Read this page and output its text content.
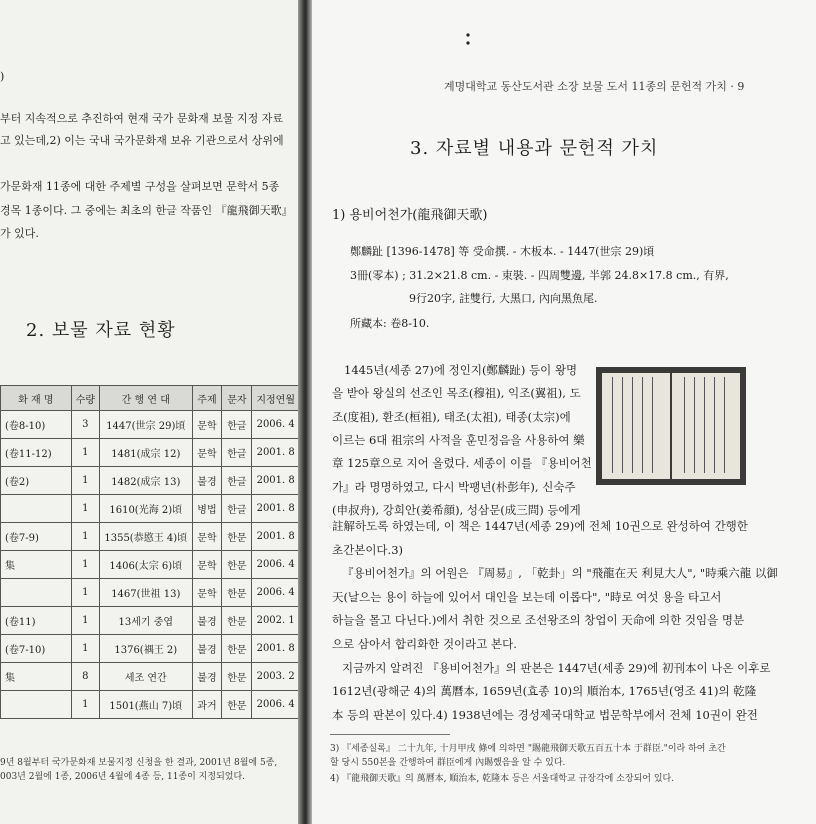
)
부터 지속적으로 추진하여 현재 국가 문화재 보물 지정 자료
고 있는데,2) 이는 국내 국가문화재 보유 기관으로서 상위에
가문화재 11종에 대한 주제별 구성을 살펴보면 문학서 5종
경목 1종이다. 그 중에는 최초의 한글 작품인 『龍飛御天歌』
가 있다.
2. 보물 자료 현황
화 재 명	수량	간 행 연 대	주제	문자	지정연월
(卷8-10)	3	1447(世宗 29)頃	문학	한글	2006. 4
(卷11-12)	1	1481(成宗 12)	문학	한글	2001. 8
(卷2)	1	1482(成宗 13)	불경	한글	2001. 8
	1	1610(光海 2)頃	병법	한글	2001. 8
(卷7-9)	1	1355(恭愍王 4)頃	문학	한문	2001. 8
集	1	1406(太宗 6)頃	문학	한문	2006. 4
	1	1467(世祖 13)	문학	한문	2006. 4
(卷11)	1	13세기 중엽	불경	한문	2002. 1
(卷7-10)	1	1376(禑王 2)	불경	한문	2001. 8
集	8	세조 연간	불경	한문	2003. 2
	1	1501(燕山 7)頃	과거	한문	2006. 4
9년 8월부터 국가문화재 보물지정 신청을 한 결과, 2001년 8월에 5종,
003년 2월에 1종, 2006년 4월에 4종 등, 11종이 지정되었다.
계명대학교 동산도서관 소장 보물 도서 11종의 문헌적 가치 · 9
3. 자료별 내용과 문헌적 가치
1) 용비어천가(龍飛御天歌)
鄭麟趾 [1396-1478] 等 受命撰. - 木板本. - 1447(世宗 29)頃
3冊(零本) ; 31.2×21.8 cm. - 束裝. - 四周雙邊, 半郭 24.8×17.8 cm., 有界,
9行20字, 註雙行, 大黑口, 內向黑魚尾.
所藏本: 卷8-10.
1445년(세종 27)에 정인지(鄭麟趾) 등이 왕명
을 받아 왕실의 선조인 목조(穆祖), 익조(翼祖), 도
조(度祖), 환조(桓祖), 태조(太祖), 태종(太宗)에
이르는 6대 祖宗의 사적을 훈민정음을 사용하여 樂
章 125章으로 지어 올렸다. 세종이 이를 『용비어천
가』라 명명하였고, 다시 박팽년(朴彭年), 신숙주
(申叔舟), 강희안(姜希顔), 성삼문(成三問) 등에게
註解하도록 하였는데, 이 책은 1447년(세종 29)에 전체 10권으로 완성하여 간행한
초간본이다.3)
『용비어천가』의 어원은 『周易』, 「乾卦」의 "飛龍在天 利見大人", "時乘六龍 以御
天(날으는 용이 하늘에 있어서 대인을 보는데 이롭다", "時로 여섯 용을 타고서
하늘을 몰고 다닌다.)에서 취한 것으로 조선왕조의 창업이 天命에 의한 것임을 명분
으로 삼아서 합리화한 것이라고 본다.
지금까지 알려진 『용비어천가』의 판본은 1447년(세종 29)에 初刊本이 나온 이후로
1612년(광해군 4)의 萬曆本, 1659년(효종 10)의 順治本, 1765년(영조 41)의 乾隆
本 등의 판본이 있다.4) 1938년에는 경성제국대학교 법문학부에서 전체 10권이 완전
3) 『세종실록』 二十九年, 十月甲戌 條에 의하면 "賜龍飛御天歌五百五十本 于群臣."이라 하여 초간
할 당시 550본을 간행하여 群臣에게 內賜했음을 알 수 있다.
4) 『龍飛御天歌』의 萬曆本, 順治本, 乾隆本 등은 서울대학교 규장각에 소장되어 있다.
